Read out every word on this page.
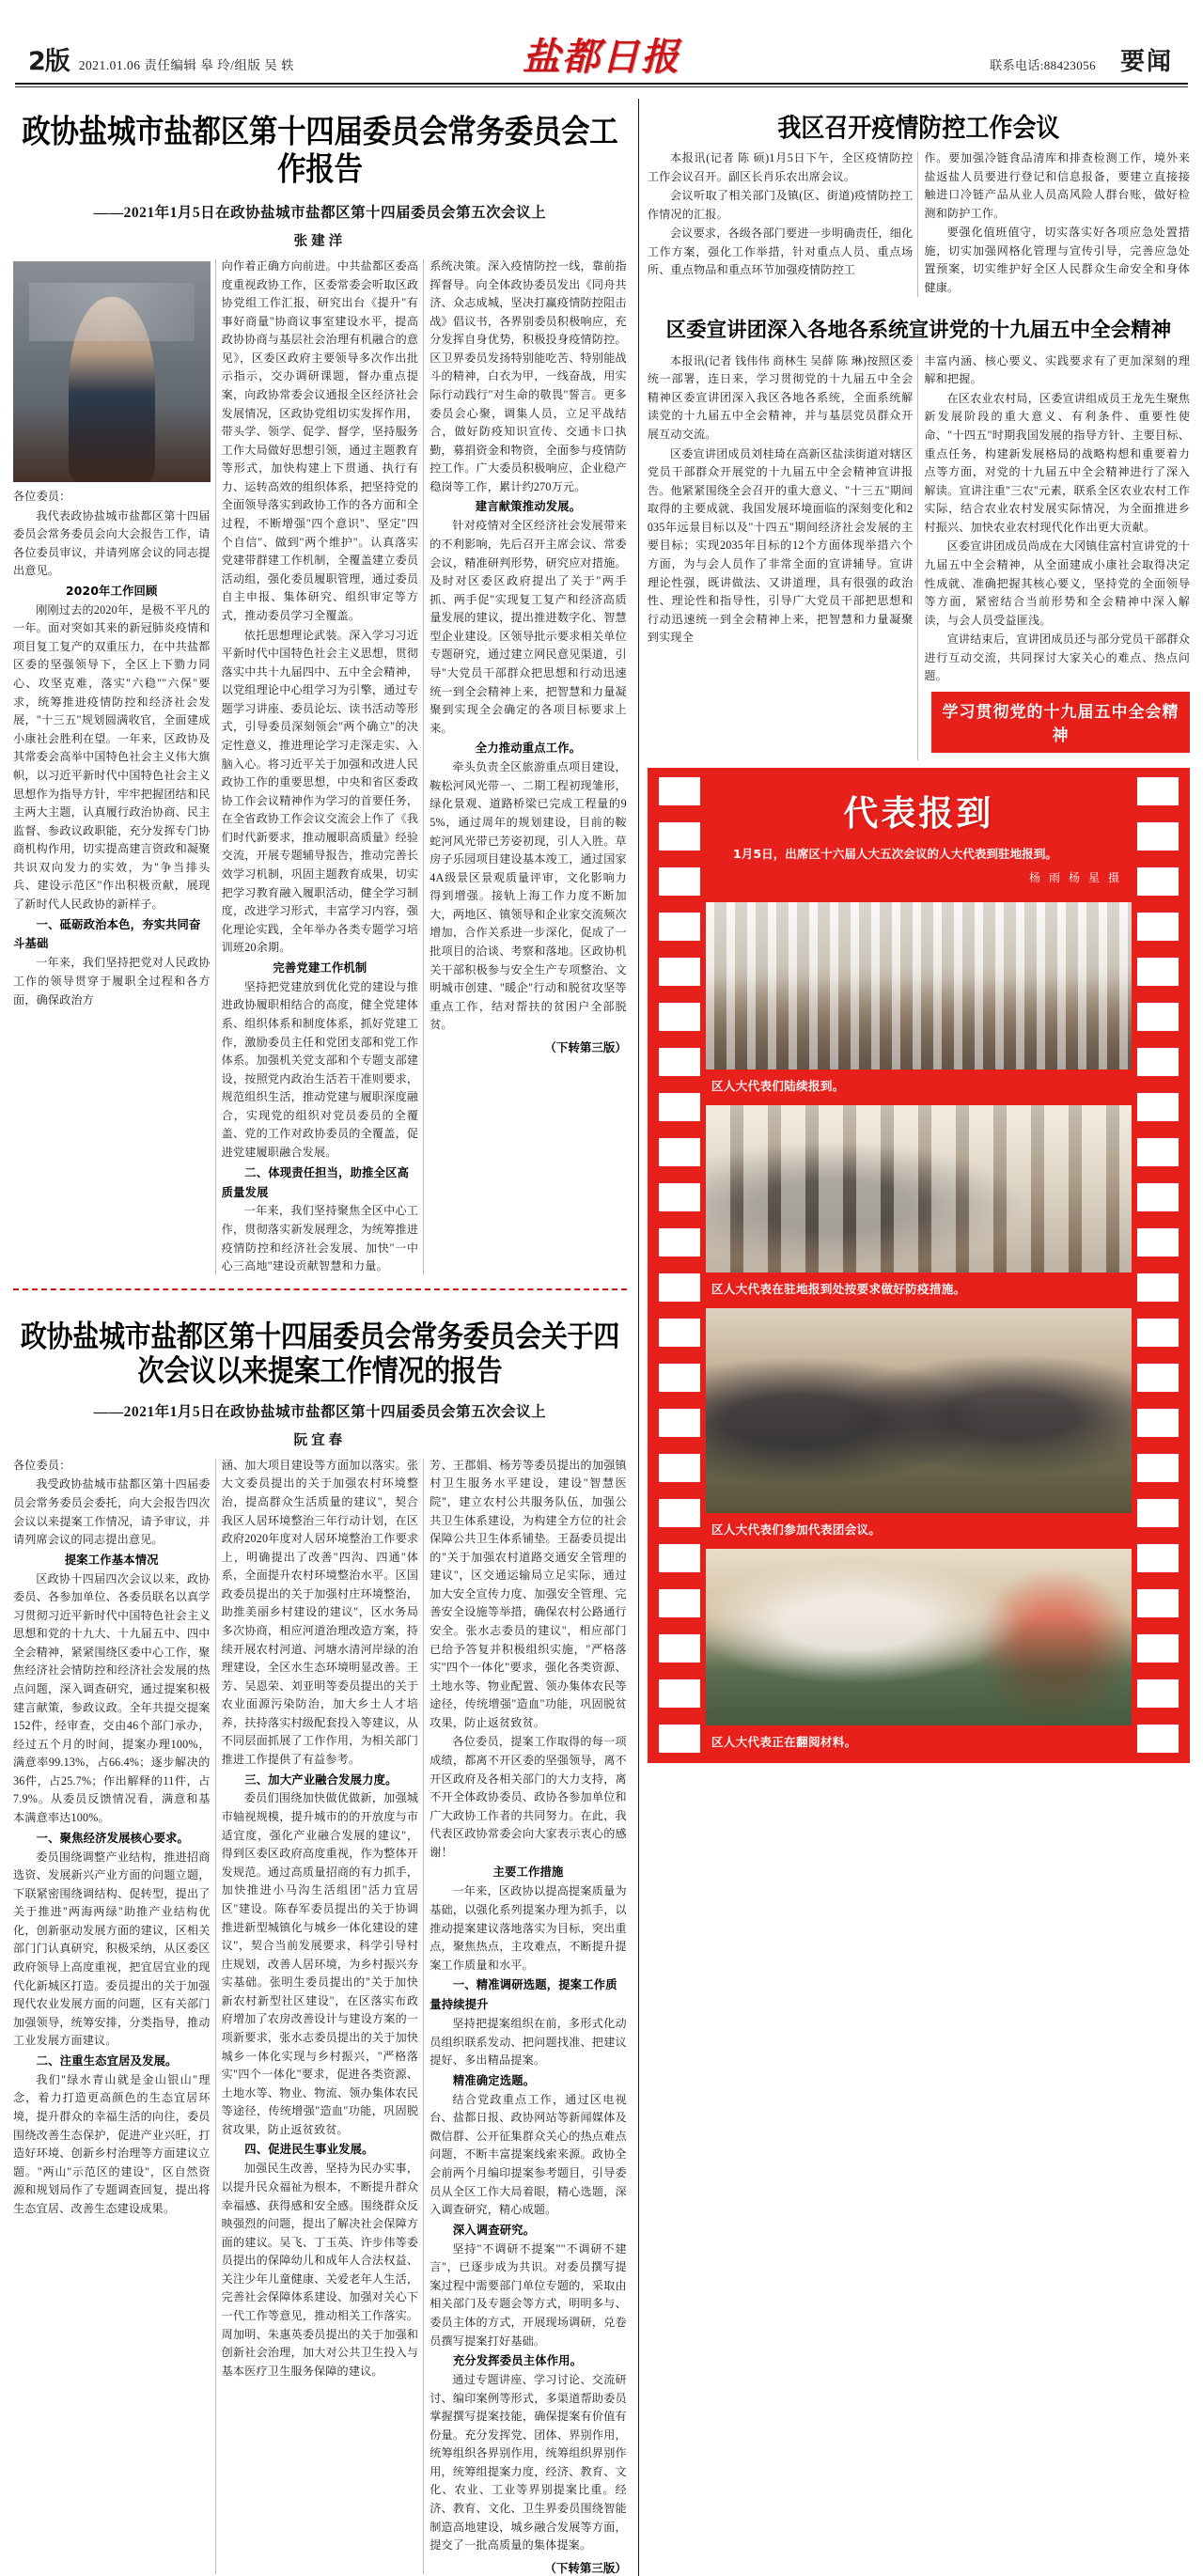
2版 2021.01.06 责任编辑 皋 玲/组版 吴 轶	盐都日报	联系电话:88423056 要闻
政协盐城市盐都区第十四届委员会常务委员会工作报告
——2021年1月5日在政协盐城市盐都区第十四届委员会第五次会议上
张建洋
各位委员：
我代表政协盐城市盐都区第十四届委员会常务委员会向大会报告工作，请各位委员审议，并请列席会议的同志提出意见。
2020年工作回顾
刚刚过去的2020年，是极不平凡的一年。面对突如其来的新冠肺炎疫情和项目复工复产的双重压力，在中共盐都区委的坚强领导下，全区上下勠力同心、攻坚克难，落实"六稳""六保"要求，统筹推进疫情防控和经济社会发展，"十三五"规划圆满收官，全面建成小康社会胜利在望。一年来，区政协及其常委会高举中国特色社会主义伟大旗帜，以习近平新时代中国特色社会主义思想作为指导方针，牢牢把握团结和民主两大主题，认真履行政治协商、民主监督、参政议政职能，充分发挥专门协商机构作用，切实提高建言资政和凝聚共识双向发力的实效，为"争当排头兵、建设示范区"作出积极贡献，展现了新时代人民政协的新样子。
一、砥砺政治本色，夯实共同奋斗基础
一年来，我们坚持把党对人民政协工作的领导贯穿于履职全过程和各方面，确保政治方
向作着正确方向前进。中共盐都区委高度重视政协工作，区委常委会听取区政协党组工作汇报，研究出台《提升"有事好商量"协商议事室建设水平，提高政协协商与基层社会治理有机融合的意见》，区委区政府主要领导多次作出批示指示，交办调研课题，督办重点提案，向政协常委会议通报全区经济社会发展情况，区政协党组切实发挥作用，带头学、领学、促学、督学，坚持服务工作大局做好思想引领，通过主题教育等形式，加快构建上下贯通、执行有力、运转高效的组织体系，把坚持党的全面领导落实到政协工作的各方面和全过程，不断增强"四个意识"、坚定"四个自信"、做到"两个维护"。认真落实党建带群建工作机制，全覆盖建立委员活动组，强化委员履职管理，通过委员自主申报、集体研究、组织审定等方式，推动委员学习全覆盖。
依托思想理论武装。深入学习习近平新时代中国特色社会主义思想，贯彻落实中共十九届四中、五中全会精神，以党组理论中心组学习为引擎，通过专题学习讲座、委员论坛、读书活动等形式，引导委员深刻领会"两个确立"的决定性意义，推进理论学习走深走实、入脑入心。将习近平关于加强和改进人民政协工作的重要思想，中央和省区委政协工作会议精神作为学习的首要任务，在全省政协工作会议交流会上作了《我们时代新要求，推动履职高质量》经验交流，开展专题辅导报告，推动完善长效学习机制，巩固主题教育成果，切实把学习教育融入履职活动，健全学习制度，改进学习形式，丰富学习内容，强化理论实践，全年举办各类专题学习培训班20余期。
完善党建工作机制
坚持把党建放到优化党的建设与推进政协履职相结合的高度，健全党建体系、组织体系和制度体系，抓好党建工作，激励委员主任和党团支部和党工作体系。加强机关党支部和个专题支部建设，按照党内政治生活若干准则要求，规范组织生活，推动党建与履职深度融合，实现党的组织对党员委员的全覆盖、党的工作对政协委员的全覆盖，促进党建履职融合发展。
二、体现责任担当，助推全区高质量发展
一年来，我们坚持聚焦全区中心工作，贯彻落实新发展理念，为统筹推进疫情防控和经济社会发展、加快"一中心三高地"建设贡献智慧和力量。
系统决策。深入疫情防控一线，靠前指挥督导。向全体政协委员发出《同舟共济、众志成城，坚决打赢疫情防控阻击战》倡议书，各界别委员积极响应，充分发挥自身优势，积极投身疫情防控。区卫界委员发扬特别能吃苦、特别能战斗的精神，白衣为甲，一线奋战，用实际行动践行"对生命的敬畏"誓言。更多委员会心聚，调集人员，立足平战结合，做好防疫知识宣传、交通卡口执勤，募捐资金和物资，全面参与疫情防控工作。广大委员积极响应，企业稳产稳岗等工作，累计约270万元。
建言献策推动发展。
针对疫情对全区经济社会发展带来的不利影响，先后召开主席会议、常委会议，精准研判形势，研究应对措施。及时对区委区政府提出了关于"两手抓、两手促"实现复工复产和经济高质量发展的建议，提出推进数字化、智慧型企业建设。区领导批示要求相关单位专题研究，通过建立网民意见渠道，引导"大党员干部群众把思想和行动迅速统一到全会精神上来，把智慧和力量凝聚到实现全会确定的各项目标要求上来。
全力推动重点工作。
牵头负责全区旅游重点项目建设，鞍松河风光带一、二期工程初现雏形，绿化景观、道路桥梁已完成工程量的95%，通过周年的规划建设，目前的鞍蛇河风光带已芳姿初现，引人入胜。草房子乐园项目建设基本竣工，通过国家4A级景区景观质量评审，文化影响力得到增强。接轨上海工作力度不断加大，两地区、镇领导和企业家交流频次增加，合作关系进一步深化，促成了一批项目的洽谈、考察和落地。区政协机关干部积极参与安全生产专项整治、文明城市创建、"暖企"行动和脱贫攻坚等重点工作，结对帮扶的贫困户全部脱贫。
（下转第三版）
政协盐城市盐都区第十四届委员会常务委员会关于四次会议以来提案工作情况的报告
——2021年1月5日在政协盐城市盐都区第十四届委员会第五次会议上
阮宜春
各位委员：
我受政协盐城市盐都区第十四届委员会常务委员会委托，向大会报告四次会议以来提案工作情况，请予审议，并请列席会议的同志提出意见。
提案工作基本情况
区政协十四届四次会议以来，政协委员、各参加单位、各委员联名以真学习贯彻习近平新时代中国特色社会主义思想和党的十九大、十九届五中、四中全会精神，紧紧围绕区委中心工作，聚焦经济社会情防控和经济社会发展的热点问题，深入调查研究，通过提案积极建言献策，参政议政。全年共提交提案152件，经审查，交由46个部门承办，经过五个月的时间，提案办理100%，满意率99.13%，占66.4%；逐步解决的36件，占25.7%；作出解释的11件，占7.9%。从委员反馈情况看，满意和基本满意率达100%。
一、聚焦经济发展核心要求。
委员围绕调整产业结构，推进招商选资、发展新兴产业方面的问题立题，下联紧密围绕调结构、促转型，提出了关于推进"两海两绿"助推产业结构优化，创新驱动发展方面的建议，区相关部门门认真研究，积极采纳，从区委区政府领导上高度重视，把宜居宜业的现代化新城区打造。委员提出的关于加强现代农业发展方面的问题，区有关部门加强领导，统筹安排，分类指导，推动工业发展方面建议。
二、注重生态宜居及发展。
我们"绿水青山就是金山银山"理念，着力打造更高颜色的生态宜居环境，提升群众的幸福生活的向往，委员围绕改善生态保护，促进产业兴旺，打造好环境、创新乡村治理等方面建议立题。"两山"示范区的建设"，区自然资源和规划局作了专题调查回复，提出将生态宜居、改善生态建设成果。
涵、加大项目建设等方面加以落实。张大文委员提出的关于加强农村环境整治，提高群众生活质量的建议"，契合我区人居环境整治三年行动计划，在区政府2020年度对人居环境整治工作要求上，明确提出了改善"四沟、四通"体系，全面提升农村环境整治水平。区国政委员提出的关于加强村庄环境整治，助推美丽乡村建设的建议"，区水务局多次协商，相应河道治理改造方案，持续开展农村河道、河塘水清河岸绿的治理建设，全区水生态环境明显改善。王芳、吴恩荣、刘亚明等委员提出的关于农业面源污染防治，加大乡土人才培养，扶持落实村级配套投入等建议，从不同层面抓展了工作作用，为相关部门推进工作提供了有益参考。
三、加大产业融合发展力度。
委员们围绕加快做优做新，加强城市轴视规模，提升城市的的开放度与市适宜度，强化产业融合发展的建议"，得到区委区政府高度重视，作为整体开发规范。通过高质量招商的有力抓手，加快推进小马沟生活组团"活力宜居区"建设。陈春军委员提出的关于协调推进新型城镇化与城乡一体化建设的建议"，契合当前发展要求，科学引导村庄规划，改善人居环境，为乡村振兴夯实基础。张明生委员提出的"关于加快新农村新型社区建设"，在区落实布政府增加了农房改善设计与建设方案的一项新要求，张水志委员提出的关于加快城乡一体化实现与乡村振兴，"严格落实"四个一体化"要求，促进各类资源、土地水等、物业、物流、领办集体农民等途径，传统增强"造血"功能，巩固脱贫攻果，防止返贫致贫。
四、促进民生事业发展。
加强民生改善，坚持为民办实事，以提升民众福祉为根本，不断提升群众幸福感、获得感和安全感。围绕群众反映强烈的问题，提出了解决社会保障方面的建议。吴飞、丁玉英、许步伟等委员提出的保障幼儿和成年人合法权益、关注少年儿童健康、关爱老年人生活，完善社会保障体系建设、加强对关心下一代工作等意见，推动相关工作落实。周加明、朱惠英委员提出的关于加强和创新社会治理，加大对公共卫生投入与基本医疗卫生服务保障的建议。
芳、王郡娟、杨芳等委员提出的加强镇村卫生服务水平建设，建设"智慧医院"，建立农村公共服务队伍，加强公共卫生体系建设，为构建全方位的社会保障公共卫生体系铺垫。王磊委员提出的"关于加强农村道路交通安全管理的建议"，区交通运输局立足实际，通过加大安全宣传力度、加强安全管理、完善安全设施等举措，确保农村公路通行安全。张水志委员的建议"，相应部门已给予答复并积极组织实施，"严格落实"四个一体化"要求，强化各类资源、土地水等、物业配置、领办集体农民等途径，传统增强"造血"功能，巩固脱贫攻果，防止返贫致贫。
各位委员，提案工作取得的每一项成绩，都离不开区委的坚强领导，离不开区政府及各相关部门的大力支持，离不开全体政协委员、政协各参加单位和广大政协工作者的共同努力。在此，我代表区政协常委会向大家表示衷心的感谢！
主要工作措施
一年来，区政协以提高提案质量为基础，以强化系列提案办理为抓手，以推动提案建议落地落实为目标，突出重点，聚焦热点，主攻难点，不断提升提案工作质量和水平。
一、精准调研选题，提案工作质量持续提升
坚持把提案组织在前，多形式化动员组织联系发动、把问题找准、把建议提好、多出精品提案。
精准确定选题。
结合党政重点工作，通过区电视台、盐都日报、政协网站等新闻媒体及微信群、公开征集群众关心的热点难点问题，不断丰富提案线索来源。政协全会前两个月编印提案参考题目，引导委员从全区工作大局着眼，精心选题，深入调查研究，精心成题。
深入调查研究。
坚持"不调研不提案""不调研不建言"，已逐步成为共识。对委员撰写提案过程中需要部门单位专题的，采取由相关部门及专题会等方式，明明多与、委员主体的方式，开展现场调研，兑卷员撰写提案打好基础。
充分发挥委员主体作用。
通过专题讲座、学习讨论、交流研讨、编印案例等形式，多渠道帮助委员掌握撰写提案技能，确保提案有价值有份量。充分发挥党、团体、界别作用，统筹组织各界别作用，统筹组织界别作用，统筹组提案力度，经济、教育、文化、农业、工业等界别提案比重。经济、教育、文化、卫生界委员围绕智能制造高地建设，城乡融合发展等方面，提交了一批高质量的集体提案。
（下转第三版）
我区召开疫情防控工作会议
本报讯(记者 陈 硕)1月5日下午，全区疫情防控工作会议召开。副区长肖乐农出席会议。
会议听取了相关部门及镇(区、街道)疫情防控工作情况的汇报。
会议要求，各级各部门要进一步明确责任，细化工作方案，强化工作举措，针对重点人员、重点场所、重点物品和重点环节加强疫情防控工
作。要加强冷链食品清库和排查检测工作，境外来盐返盐人员要进行登记和信息报备，要建立直接接触进口冷链产品从业人员高风险人群台账，做好检测和防护工作。
要强化值班值守，切实落实好各项应急处置措施，切实加强网格化管理与宣传引导，完善应急处置预案，切实维护好全区人民群众生命安全和身体健康。
区委宣讲团深入各地各系统宣讲党的十九届五中全会精神
本报讯(记者 钱伟伟 商林生 吴薛 陈 琳)按照区委统一部署，连日来，学习贯彻党的十九届五中全会精神区委宣讲团深入我区各地各系统，全面系统解读党的十九届五中全会精神，并与基层党员群众开展互动交流。
区委宣讲团成员刘桂琦在高新区盐渎街道对辖区党员干部群众开展党的十九届五中全会精神宣讲报告。他紧紧围绕全会召开的重大意义、"十三五"期间取得的主要成就、我国发展环境面临的深刻变化和2035年远景目标以及"十四五"期间经济社会发展的主要目标；实现2035年目标的12个方面体现举措六个方面，为与会人员作了非常全面的宣讲辅导。宣讲理论性强，既讲做法、又讲道理，具有很强的政治性、理论性和指导性，引导广大党员干部把思想和行动迅速统一到全会精神上来，把智慧和力量凝聚到实现全
丰富内涵、核心要义、实践要求有了更加深刻的理解和把握。
在区农业农村局，区委宣讲组成员王龙先生聚焦新发展阶段的重大意义、有利条件、重要性使命、"十四五"时期我国发展的指导方针、主要目标、重点任务，构建新发展格局的战略构想和重要着力点等方面，对党的十九届五中全会精神进行了深入解读。宣讲注重"三农"元素，联系全区农业农村工作实际，结合农业农村发展实际情况，为全面推进乡村振兴、加快农业农村现代化作出更大贡献。
区委宣讲团成员尚成在大冈镇佳富村宣讲党的十九届五中全会精神，从全面建成小康社会取得决定性成就、准确把握其核心要义，坚持党的全面领导等方面，紧密结合当前形势和全会精神中深入解读，与会人员受益匪浅。
宣讲结束后，宣讲团成员还与部分党员干部群众进行互动交流，共同探讨大家关心的难点、热点问题。
学习贯彻党的十九届五中全会精神
代表报到
1月5日，出席区十六届人大五次会议的人大代表到驻地报到。
杨 雨 杨 星 摄
区人大代表们陆续报到。
区人大代表在驻地报到处按要求做好防疫措施。
区人大代表们参加代表团会议。
区人大代表正在翻阅材料。
